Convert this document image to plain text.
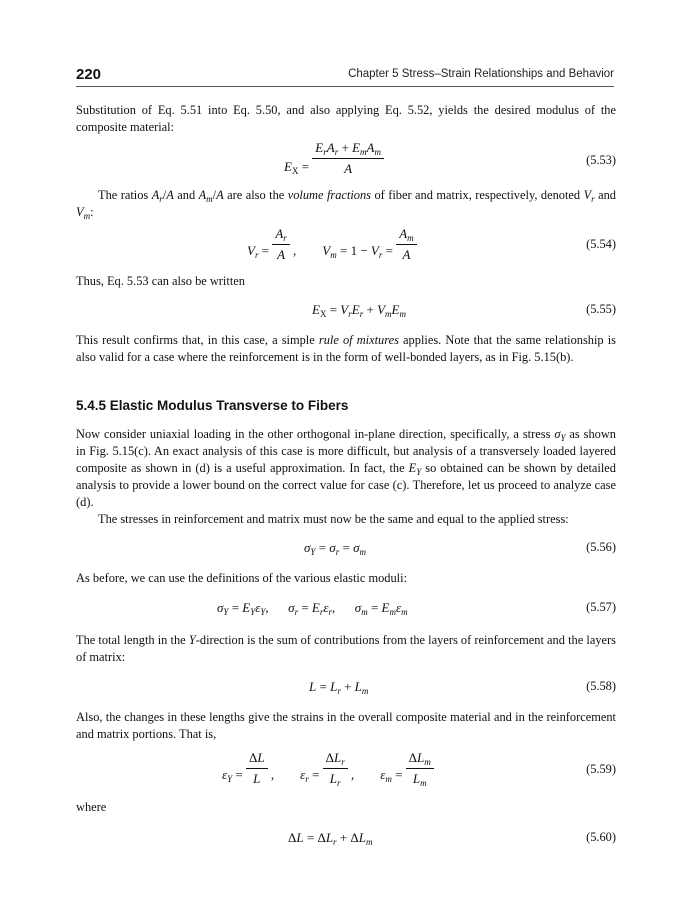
220	Chapter 5 Stress–Strain Relationships and Behavior

Substitution of Eq. 5.51 into Eq. 5.50, and also applying Eq. 5.52, yields the desired modulus of the composite material:

$E_X = \frac{E_rA_r + E_mA_m}{A}$	(5.53)

The ratios $A_r/A$ and $A_m/A$ are also the volume fractions of fiber and matrix, respectively, denoted $V_r$ and $V_m$:

$V_r = \frac{A_r}{A}$ ,        $V_m = 1 - V_r = \frac{A_m}{A}$	(5.54)

Thus, Eq. 5.53 can also be written

$E_X = V_rE_r + V_mE_m$	(5.55)

This result confirms that, in this case, a simple rule of mixtures applies. Note that the same relationship is also valid for a case where the reinforcement is in the form of well-bonded layers, as in Fig. 5.15(b).

5.4.5 Elastic Modulus Transverse to Fibers

Now consider uniaxial loading in the other orthogonal in-plane direction, specifically, a stress $\sigma_Y$ as shown in Fig. 5.15(c). An exact analysis of this case is more difficult, but analysis of a transversely loaded layered composite as shown in (d) is a useful approximation. In fact, the $E_Y$ so obtained can be shown by detailed analysis to provide a lower bound on the correct value for case (c). Therefore, let us proceed to analyze case (d).

The stresses in reinforcement and matrix must now be the same and equal to the applied stress:

$\sigma_Y = \sigma_r = \sigma_m$	(5.56)

As before, we can use the definitions of the various elastic moduli:

$\sigma_Y = E_Y\varepsilon_Y$,      $\sigma_r = E_r\varepsilon_r$,      $\sigma_m = E_m\varepsilon_m$	(5.57)

The total length in the Y-direction is the sum of contributions from the layers of reinforcement and the layers of matrix:

$L = L_r + L_m$	(5.58)

Also, the changes in these lengths give the strains in the overall composite material and in the reinforcement and matrix portions. That is,

$\varepsilon_Y = \frac{\Delta L}{L}$ ,        $\varepsilon_r = \frac{\Delta L_r}{L_r}$ ,        $\varepsilon_m = \frac{\Delta L_m}{L_m}$	(5.59)

where

$\Delta L = \Delta L_r + \Delta L_m$	(5.60)
